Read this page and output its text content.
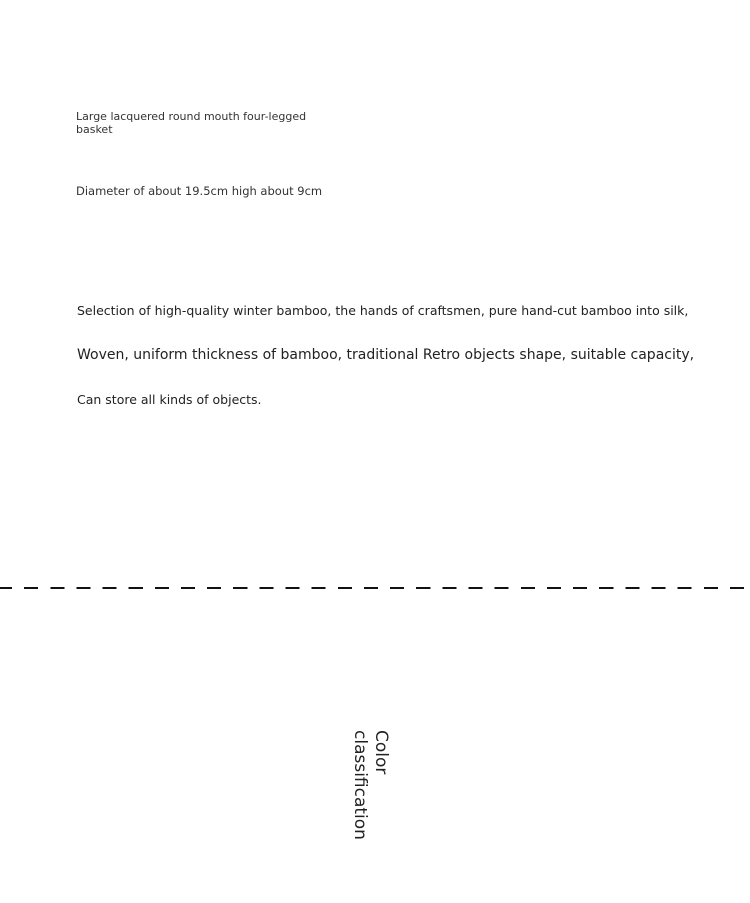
Large lacquered round mouth four-legged basket
Diameter of about 19.5cm high about 9cm
Selection of high-quality winter bamboo, the hands of craftsmen, pure hand-cut bamboo into silk,
Woven, uniform thickness of bamboo, traditional Retro objects shape, suitable capacity,
Can store all kinds of objects.
Color classification
